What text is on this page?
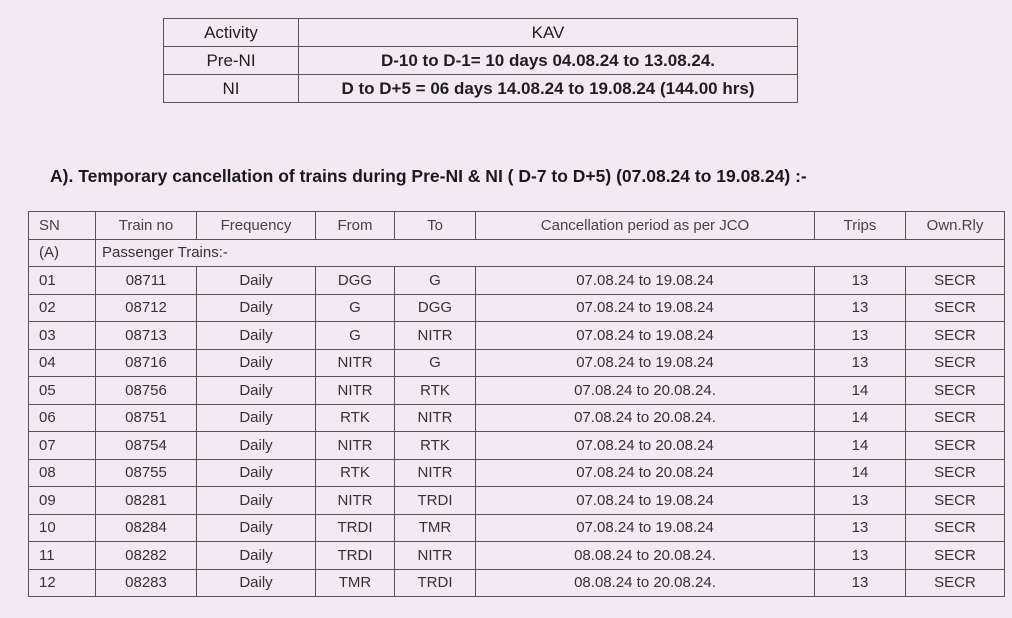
Activity	KAV
Pre-NI	D-10 to D-1= 10 days 04.08.24 to 13.08.24.
NI	D to D+5 = 06 days 14.08.24 to 19.08.24 (144.00 hrs)
A). Temporary cancellation of trains during Pre-NI & NI ( D-7 to D+5) (07.08.24 to 19.08.24) :-
SN	Train no	Frequency	From	To	Cancellation period as per JCO	Trips	Own.Rly
(A)	Passenger Trains:-						
01	08711	Daily	DGG	G	07.08.24 to 19.08.24	13	SECR
02	08712	Daily	G	DGG	07.08.24 to 19.08.24	13	SECR
03	08713	Daily	G	NITR	07.08.24 to 19.08.24	13	SECR
04	08716	Daily	NITR	G	07.08.24 to 19.08.24	13	SECR
05	08756	Daily	NITR	RTK	07.08.24 to 20.08.24.	14	SECR
06	08751	Daily	RTK	NITR	07.08.24 to 20.08.24.	14	SECR
07	08754	Daily	NITR	RTK	07.08.24 to 20.08.24	14	SECR
08	08755	Daily	RTK	NITR	07.08.24 to 20.08.24	14	SECR
09	08281	Daily	NITR	TRDI	07.08.24 to 19.08.24	13	SECR
10	08284	Daily	TRDI	TMR	07.08.24 to 19.08.24	13	SECR
11	08282	Daily	TRDI	NITR	08.08.24 to 20.08.24.	13	SECR
12	08283	Daily	TMR	TRDI	08.08.24 to 20.08.24.	13	SECR
